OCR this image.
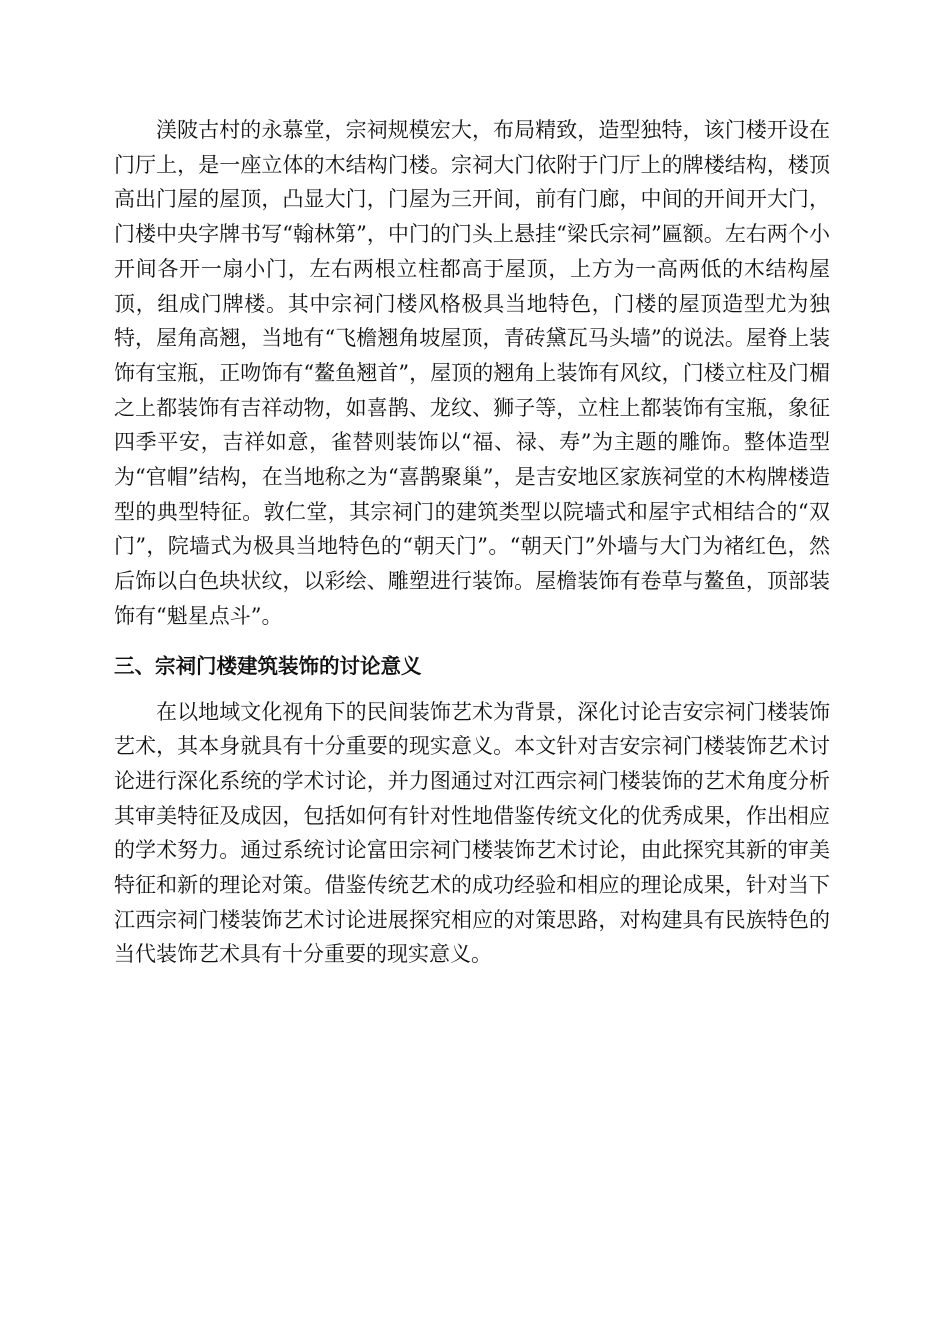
渼陂古村的永慕堂，宗祠规模宏大，布局精致，造型独特，该门楼开设在门厅上，是一座立体的木结构门楼。宗祠大门依附于门厅上的牌楼结构，楼顶高出门屋的屋顶，凸显大门，门屋为三开间，前有门廊，中间的开间开大门，门楼中央字牌书写“翰林第”，中门的门头上悬挂“梁氏宗祠”匾额。左右两个小开间各开一扇小门，左右两根立柱都高于屋顶，上方为一高两低的木结构屋顶，组成门牌楼。其中宗祠门楼风格极具当地特色，门楼的屋顶造型尤为独特，屋角高翘，当地有“飞檐翘角坡屋顶，青砖黛瓦马头墙”的说法。屋脊上装饰有宝瓶，正吻饰有“鳌鱼翘首”，屋顶的翘角上装饰有风纹，门楼立柱及门楣之上都装饰有吉祥动物，如喜鹊、龙纹、狮子等，立柱上都装饰有宝瓶，象征四季平安，吉祥如意，雀替则装饰以“福、禄、寿”为主题的雕饰。整体造型为“官帽”结构，在当地称之为“喜鹊聚巢”，是吉安地区家族祠堂的木构牌楼造型的典型特征。敦仁堂，其宗祠门的建筑类型以院墙式和屋宇式相结合的“双门”，院墙式为极具当地特色的“朝天门”。“朝天门”外墙与大门为褚红色，然后饰以白色块状纹，以彩绘、雕塑进行装饰。屋檐装饰有卷草与鳌鱼，顶部装饰有“魁星点斗”。

三、宗祠门楼建筑装饰的讨论意义

在以地域文化视角下的民间装饰艺术为背景，深化讨论吉安宗祠门楼装饰艺术，其本身就具有十分重要的现实意义。本文针对吉安宗祠门楼装饰艺术讨论进行深化系统的学术讨论，并力图通过对江西宗祠门楼装饰的艺术角度分析其审美特征及成因，包括如何有针对性地借鉴传统文化的优秀成果，作出相应的学术努力。通过系统讨论富田宗祠门楼装饰艺术讨论，由此探究其新的审美特征和新的理论对策。借鉴传统艺术的成功经验和相应的理论成果，针对当下江西宗祠门楼装饰艺术讨论进展探究相应的对策思路，对构建具有民族特色的当代装饰艺术具有十分重要的现实意义。
